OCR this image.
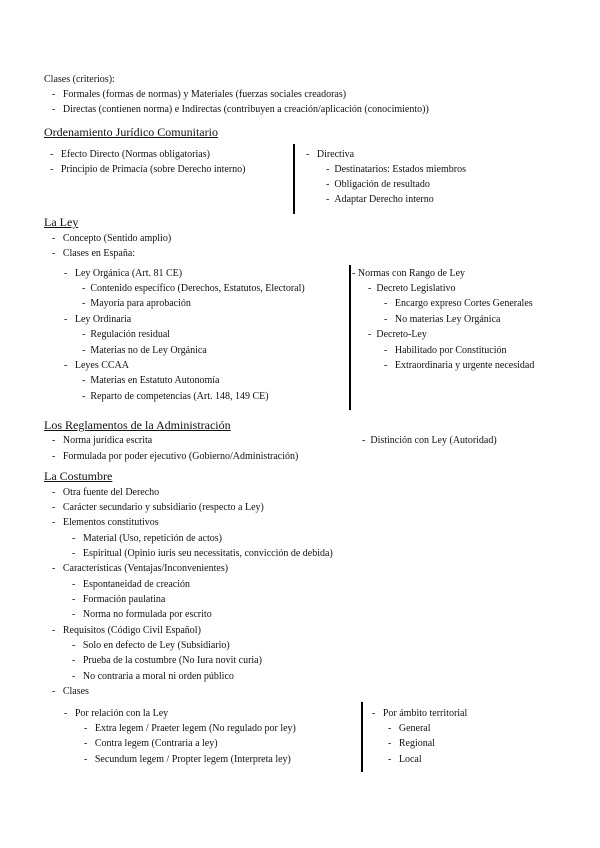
Clases (criterios):
-   Formales (formas de normas) y Materiales (fuerzas sociales creadoras)
-   Directas (contienen norma) e Indirectas (contribuyen a creación/aplicación (conocimiento))
Ordenamiento Jurídico Comunitario
-   Efecto Directo (Normas obligatorias)
-   Principio de Primacía (sobre Derecho interno)
-   Directiva
-  Destinatarios: Estados miembros
-  Obligación de resultado
-  Adaptar Derecho interno
La Ley
-   Concepto (Sentido amplio)
-   Clases en España:
-   Ley Orgánica (Art. 81 CE)
-  Contenido específico (Derechos, Estatutos, Electoral)
-  Mayoría para aprobación
-   Ley Ordinaria
-  Regulación residual
-  Materias no de Ley Orgánica
-   Leyes CCAA
-  Materias en Estatuto Autonomía
-  Reparto de competencias (Art. 148, 149 CE)
- Normas con Rango de Ley
-  Decreto Legislativo
-   Encargo expreso Cortes Generales
-   No materias Ley Orgánica
-  Decreto-Ley
-   Habilitado por Constitución
-   Extraordinaria y urgente necesidad
Los Reglamentos de la Administración
-   Norma jurídica escrita
-   Formulada por poder ejecutivo (Gobierno/Administración)
-  Distinción con Ley (Autoridad)
La Costumbre
-   Otra fuente del Derecho
-   Carácter secundario y subsidiario (respecto a Ley)
-   Elementos constitutivos
-   Material (Uso, repetición de actos)
-   Espiritual (Opinio iuris seu necessitatis, convicción de debida)
-   Características (Ventajas/Inconvenientes)
-   Espontaneidad de creación
-   Formación paulatina
-   Norma no formulada por escrito
-   Requisitos (Código Civil Español)
-   Solo en defecto de Ley (Subsidiario)
-   Prueba de la costumbre (No Iura novit curia)
-   No contraria a moral ni orden público
-   Clases
-   Por relación con la Ley
-   Extra legem / Praeter legem (No regulado por ley)
-   Contra legem (Contraria a ley)
-   Secundum legem / Propter legem (Interpreta ley)
-   Por ámbito territorial
-   General
-   Regional
-   Local
